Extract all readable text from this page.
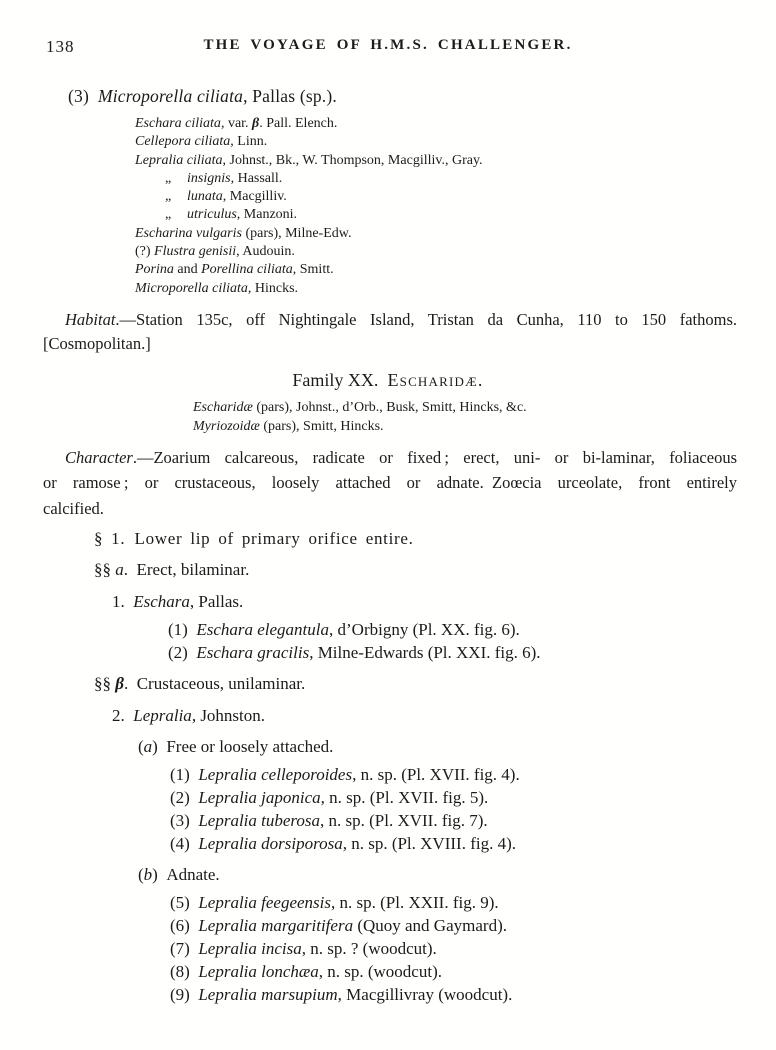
138	THE VOYAGE OF H.M.S. CHALLENGER.
(3) Microporella ciliata, Pallas (sp.).
Eschara ciliata, var. β. Pall. Elench.
Cellepora ciliata, Linn.
Lepralia ciliata, Johnst., Bk., W. Thompson, Macgilliv., Gray.
„ insignis, Hassall.
„ lunata, Macgilliv.
„ utriculus, Manzoni.
Escharina vulgaris (pars), Milne-Edw.
(?) Flustra genisii, Audouin.
Porina and Porellina ciliata, Smitt.
Microporella ciliata, Hincks.
Habitat.—Station 135c, off Nightingale Island, Tristan da Cunha, 110 to 150 fathoms.
[Cosmopolitan.]
Family XX. Escharidæ.
Escharidæ (pars), Johnst., d’Orb., Busk, Smitt, Hincks, &c.
Myriozoidæ (pars), Smitt, Hincks.
Character.—Zoarium calcareous, radicate or fixed ; erect, uni- or bi-laminar, foliaceous
or ramose ; or crustaceous, loosely attached or adnate. Zoœcia urceolate, front entirely
calcified.
§ 1. Lower lip of primary orifice entire.
§§ a. Erect, bilaminar.
1. Eschara, Pallas.
(1) Eschara elegantula, d’Orbigny (Pl. XX. fig. 6).
(2) Eschara gracilis, Milne-Edwards (Pl. XXI. fig. 6).
§§ β. Crustaceous, unilaminar.
2. Lepralia, Johnston.
(a) Free or loosely attached.
(1) Lepralia celleporoides, n. sp. (Pl. XVII. fig. 4).
(2) Lepralia japonica, n. sp. (Pl. XVII. fig. 5).
(3) Lepralia tuberosa, n. sp. (Pl. XVII. fig. 7).
(4) Lepralia dorsiporosa, n. sp. (Pl. XVIII. fig. 4).
(b) Adnate.
(5) Lepralia feegeensis, n. sp. (Pl. XXII. fig. 9).
(6) Lepralia margaritifera (Quoy and Gaymard).
(7) Lepralia incisa, n. sp. ? (woodcut).
(8) Lepralia lonchæa, n. sp. (woodcut).
(9) Lepralia marsupium, Macgillivray (woodcut).
